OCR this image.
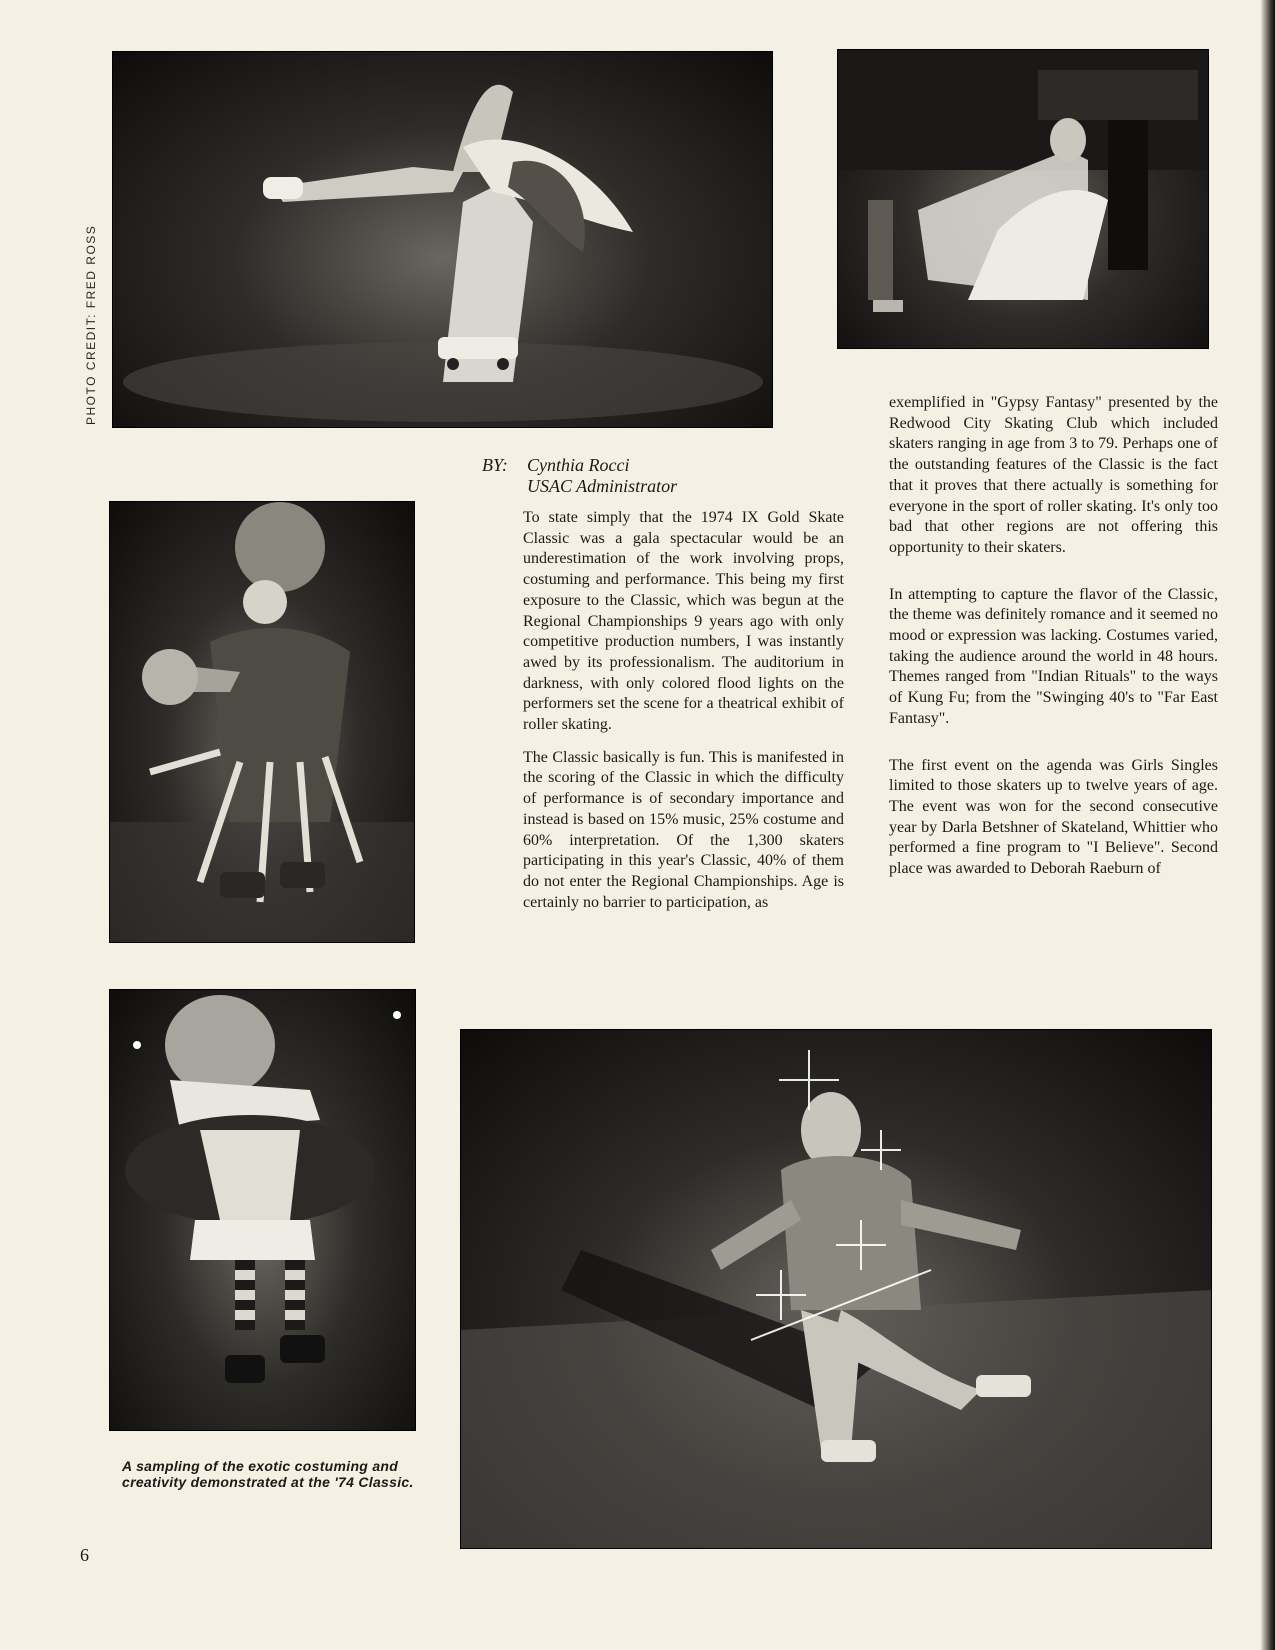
PHOTO CREDIT: FRED ROSS
BY: Cynthia Rocci
USAC Administrator

To state simply that the 1974 IX Gold Skate Classic was a gala spectacular would be an underestimation of the work involving props, costuming and performance. This being my first exposure to the Classic, which was begun at the Regional Championships 9 years ago with only competitive production numbers, I was instantly awed by its professionalism. The auditorium in darkness, with only colored flood lights on the performers set the scene for a theatrical exhibit of roller skating.

The Classic basically is fun. This is manifested in the scoring of the Classic in which the difficulty of performance is of secondary importance and instead is based on 15% music, 25% costume and 60% interpretation. Of the 1,300 skaters participating in this year's Classic, 40% of them do not enter the Regional Championships. Age is certainly no barrier to participation, as

exemplified in "Gypsy Fantasy" presented by the Redwood City Skating Club which included skaters ranging in age from 3 to 79. Perhaps one of the outstanding features of the Classic is the fact that it proves that there actually is something for everyone in the sport of roller skating. It's only too bad that other regions are not offering this opportunity to their skaters.

In attempting to capture the flavor of the Classic, the theme was definitely romance and it seemed no mood or expression was lacking. Costumes varied, taking the audience around the world in 48 hours. Themes ranged from "Indian Rituals" to the ways of Kung Fu; from the "Swinging 40's to "Far East Fantasy".

The first event on the agenda was Girls Singles limited to those skaters up to twelve years of age. The event was won for the second consecutive year by Darla Betshner of Skateland, Whittier who performed a fine program to "I Believe". Second place was awarded to Deborah Raeburn of

A sampling of the exotic costuming and creativity demonstrated at the '74 Classic.
6
